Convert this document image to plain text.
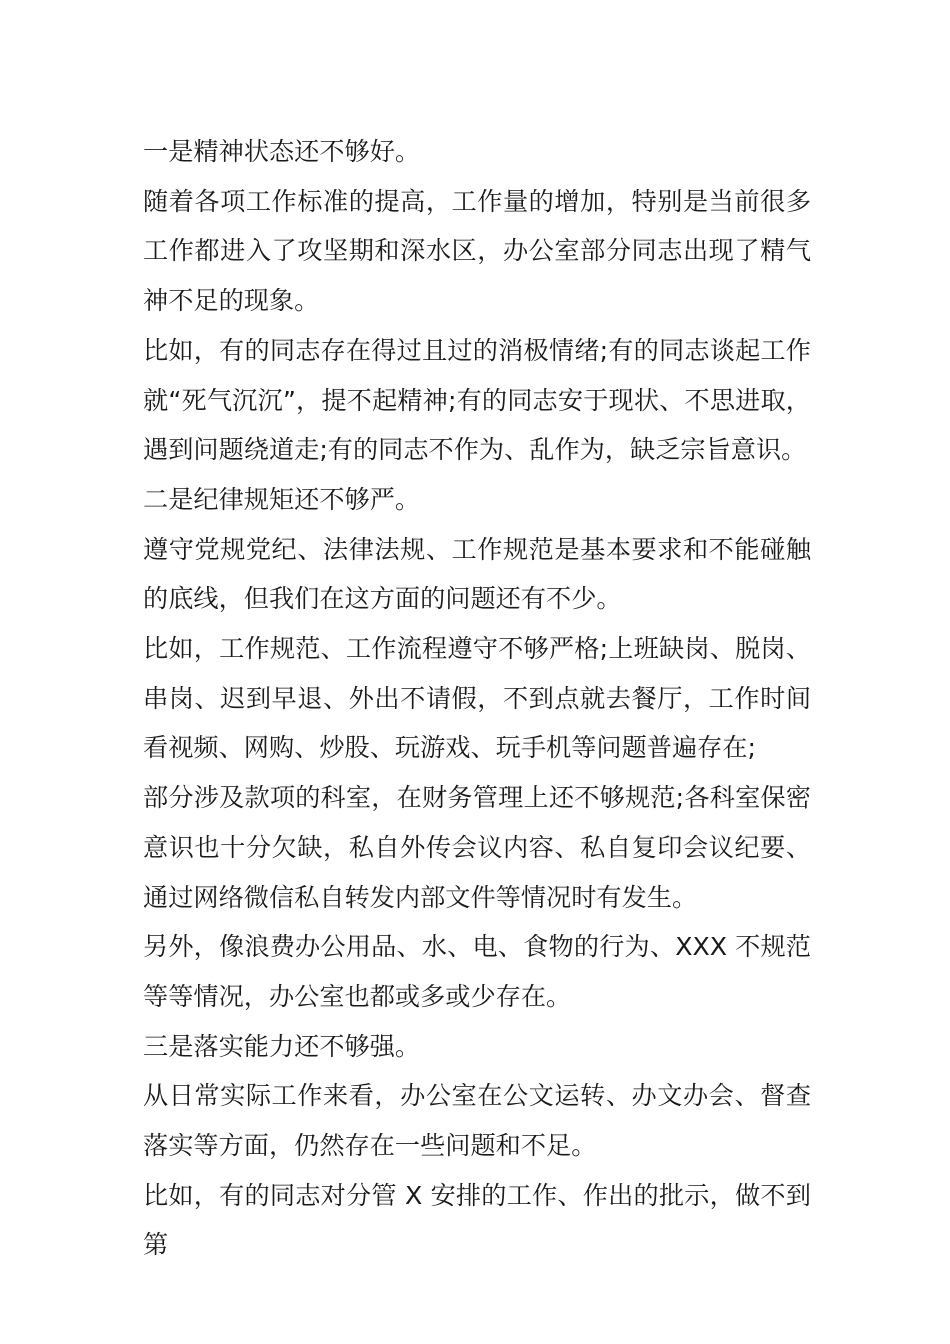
一是精神状态还不够好。

随着各项工作标准的提高，工作量的增加，特别是当前很多工作都进入了攻坚期和深水区，办公室部分同志出现了精气神不足的现象。

比如，有的同志存在得过且过的消极情绪;有的同志谈起工作就“死气沉沉”，提不起精神;有的同志安于现状、不思进取，遇到问题绕道走;有的同志不作为、乱作为，缺乏宗旨意识。

二是纪律规矩还不够严。

遵守党规党纪、法律法规、工作规范是基本要求和不能碰触的底线，但我们在这方面的问题还有不少。

比如，工作规范、工作流程遵守不够严格;上班缺岗、脱岗、串岗、迟到早退、外出不请假，不到点就去餐厅，工作时间看视频、网购、炒股、玩游戏、玩手机等问题普遍存在;

部分涉及款项的科室，在财务管理上还不够规范;各科室保密意识也十分欠缺，私自外传会议内容、私自复印会议纪要、通过网络微信私自转发内部文件等情况时有发生。

另外，像浪费办公用品、水、电、食物的行为、XXX 不规范等等情况，办公室也都或多或少存在。

三是落实能力还不够强。

从日常实际工作来看，办公室在公文运转、办文办会、督查落实等方面，仍然存在一些问题和不足。

比如，有的同志对分管 X 安排的工作、作出的批示，做不到第
